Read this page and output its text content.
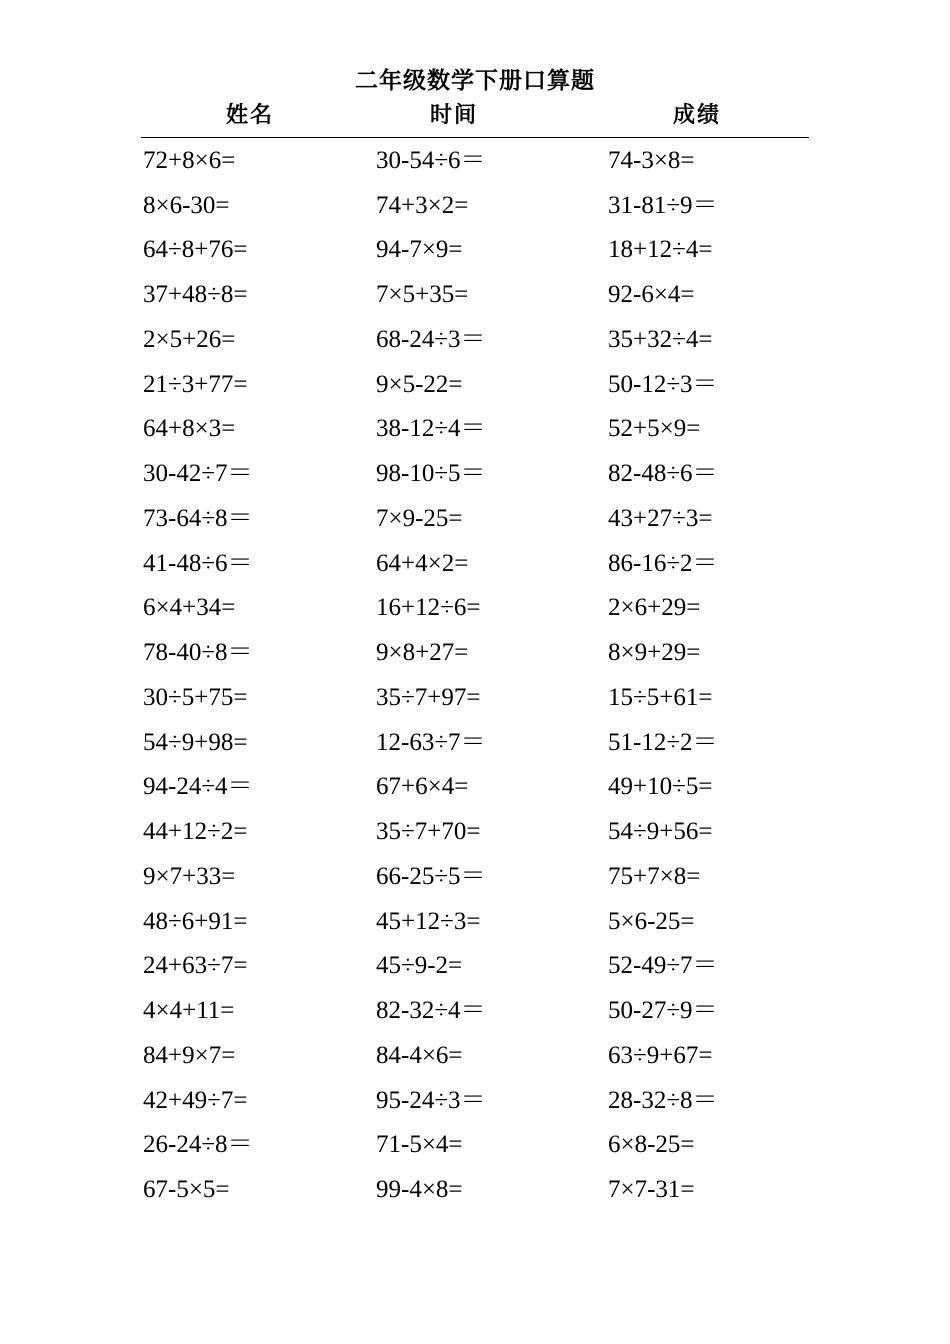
二年级数学下册口算题
姓名	时间	成绩
72+8×6=	30-54÷6＝	74-3×8=
8×6-30=	74+3×2=	31-81÷9＝
64÷8+76=	94-7×9=	18+12÷4=
37+48÷8=	7×5+35=	92-6×4=
2×5+26=	68-24÷3＝	35+32÷4=
21÷3+77=	9×5-22=	50-12÷3＝
64+8×3=	38-12÷4＝	52+5×9=
30-42÷7＝	98-10÷5＝	82-48÷6＝
73-64÷8＝	7×9-25=	43+27÷3=
41-48÷6＝	64+4×2=	86-16÷2＝
6×4+34=	16+12÷6=	2×6+29=
78-40÷8＝	9×8+27=	8×9+29=
30÷5+75=	35÷7+97=	15÷5+61=
54÷9+98=	12-63÷7＝	51-12÷2＝
94-24÷4＝	67+6×4=	49+10÷5=
44+12÷2=	35÷7+70=	54÷9+56=
9×7+33=	66-25÷5＝	75+7×8=
48÷6+91=	45+12÷3=	5×6-25=
24+63÷7=	45÷9-2=	52-49÷7＝
4×4+11=	82-32÷4＝	50-27÷9＝
84+9×7=	84-4×6=	63÷9+67=
42+49÷7=	95-24÷3＝	28-32÷8＝
26-24÷8＝	71-5×4=	6×8-25=
67-5×5=	99-4×8=	7×7-31=
